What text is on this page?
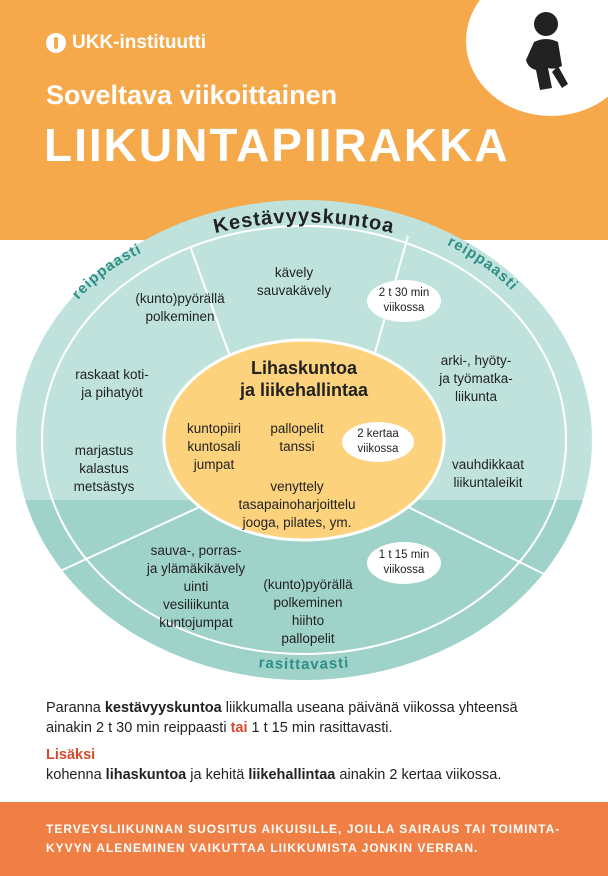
UKK-instituutti
Soveltava viikoittainen
LIIKUNTAPIIRAKKA
Kestävyyskuntoa
reippaasti	reippaasti
rasittavasti
kävely
sauvakävely
(kunto)pyörällä
polkeminen
raskaat koti-
ja pihatyöt
marjastus
kalastus
metsästys
arki-, hyöty-
ja työmatka-
liikunta
vauhdikkaat
liikuntaleikit
sauva-, porras-
ja ylämäkikävely
uinti
vesiliikunta
kuntojumpat
(kunto)pyörällä
polkeminen
hiihto
pallopelit
2 t 30 min
viikossa
1 t 15 min
viikossa
2 kertaa
viikossa
Lihaskuntoa
ja liikehallintaa
kuntopiiri
kuntosali
jumpat
pallopelit
tanssi
venyttely
tasapainoharjoittelu
jooga, pilates, ym.
Paranna kestävyyskuntoa liikkumalla useana päivänä viikossa yhteensä
ainakin 2 t 30 min reippaasti tai 1 t 15 min rasittavasti.
Lisäksi
kohenna lihaskuntoa ja kehitä liikehallintaa ainakin 2 kertaa viikossa.
TERVEYSLIIKUNNAN SUOSITUS AIKUISILLE, JOILLA SAIRAUS TAI TOIMINTA-
KYVYN ALENEMINEN VAIKUTTAA LIIKKUMISTA JONKIN VERRAN.
